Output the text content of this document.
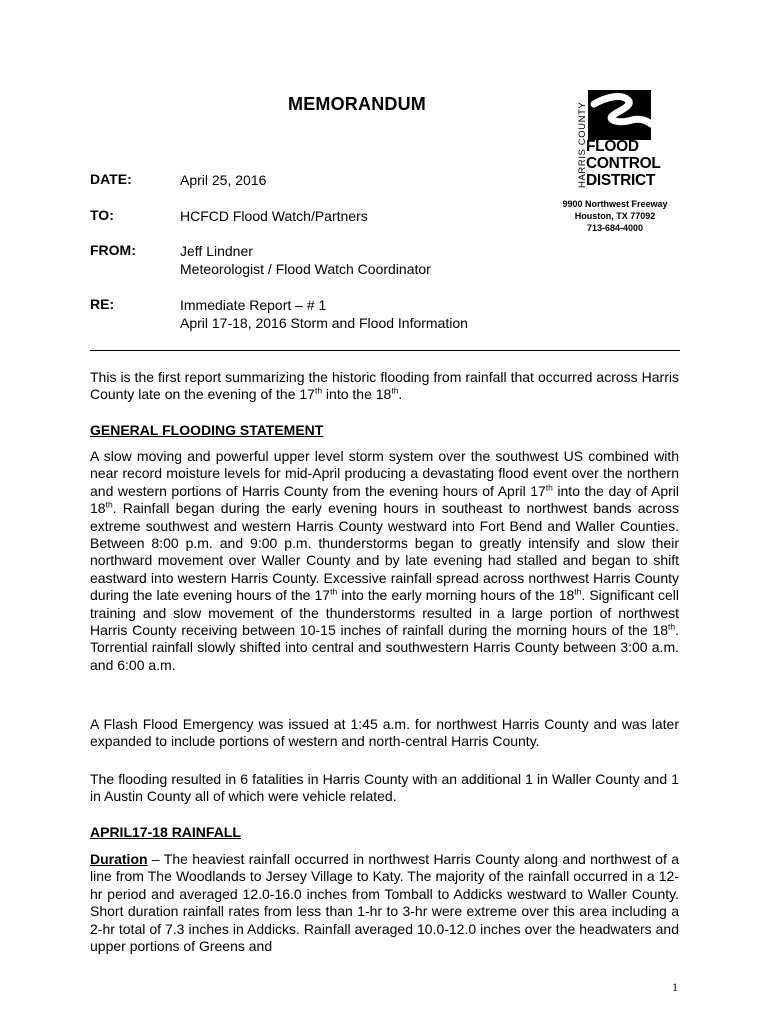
MEMORANDUM
DATE:	April 25, 2016
TO:	HCFCD Flood Watch/Partners
FROM:	Jeff Lindner
Meteorologist / Flood Watch Coordinator
RE:	Immediate Report – # 1
April 17-18, 2016 Storm and Flood Information
HARRIS COUNTY
FLOOD
CONTROL
DISTRICT
9900 Northwest Freeway
Houston, TX 77092
713-684-4000
This is the first report summarizing the historic flooding from rainfall that occurred across Harris County late on the evening of the 17th into the 18th.
GENERAL FLOODING STATEMENT
A slow moving and powerful upper level storm system over the southwest US combined with near record moisture levels for mid-April producing a devastating flood event over the northern and western portions of Harris County from the evening hours of April 17th into the day of April 18th. Rainfall began during the early evening hours in southeast to northwest bands across extreme southwest and western Harris County westward into Fort Bend and Waller Counties. Between 8:00 p.m. and 9:00 p.m. thunderstorms began to greatly intensify and slow their northward movement over Waller County and by late evening had stalled and began to shift eastward into western Harris County. Excessive rainfall spread across northwest Harris County during the late evening hours of the 17th into the early morning hours of the 18th. Significant cell training and slow movement of the thunderstorms resulted in a large portion of northwest Harris County receiving between 10-15 inches of rainfall during the morning hours of the 18th. Torrential rainfall slowly shifted into central and southwestern Harris County between 3:00 a.m. and 6:00 a.m.
A Flash Flood Emergency was issued at 1:45 a.m. for northwest Harris County and was later expanded to include portions of western and north-central Harris County.
The flooding resulted in 6 fatalities in Harris County with an additional 1 in Waller County and 1 in Austin County all of which were vehicle related.
APRIL17-18 RAINFALL
Duration – The heaviest rainfall occurred in northwest Harris County along and northwest of a line from The Woodlands to Jersey Village to Katy. The majority of the rainfall occurred in a 12-hr period and averaged 12.0-16.0 inches from Tomball to Addicks westward to Waller County. Short duration rainfall rates from less than 1-hr to 3-hr were extreme over this area including a 2-hr total of 7.3 inches in Addicks. Rainfall averaged 10.0-12.0 inches over the headwaters and upper portions of Greens and
1
